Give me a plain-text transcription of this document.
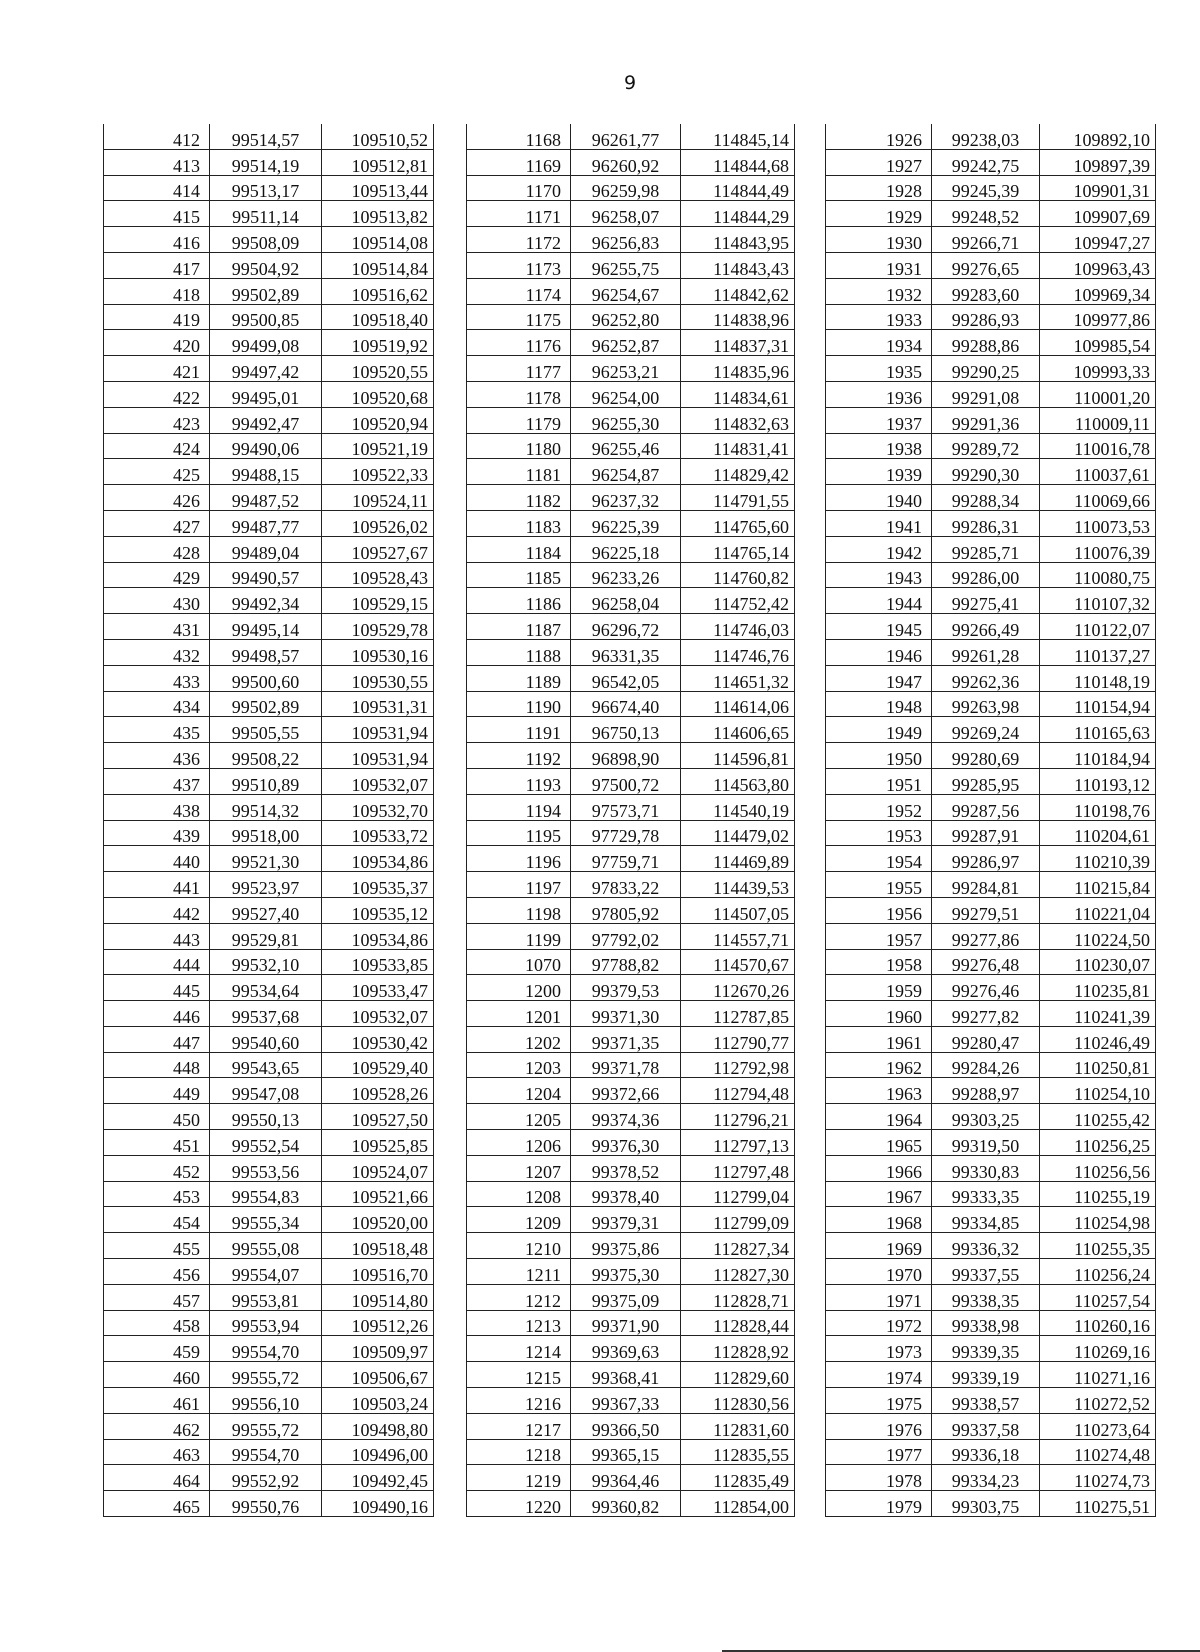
9
412	99514,57	109510,52
413	99514,19	109512,81
414	99513,17	109513,44
415	99511,14	109513,82
416	99508,09	109514,08
417	99504,92	109514,84
418	99502,89	109516,62
419	99500,85	109518,40
420	99499,08	109519,92
421	99497,42	109520,55
422	99495,01	109520,68
423	99492,47	109520,94
424	99490,06	109521,19
425	99488,15	109522,33
426	99487,52	109524,11
427	99487,77	109526,02
428	99489,04	109527,67
429	99490,57	109528,43
430	99492,34	109529,15
431	99495,14	109529,78
432	99498,57	109530,16
433	99500,60	109530,55
434	99502,89	109531,31
435	99505,55	109531,94
436	99508,22	109531,94
437	99510,89	109532,07
438	99514,32	109532,70
439	99518,00	109533,72
440	99521,30	109534,86
441	99523,97	109535,37
442	99527,40	109535,12
443	99529,81	109534,86
444	99532,10	109533,85
445	99534,64	109533,47
446	99537,68	109532,07
447	99540,60	109530,42
448	99543,65	109529,40
449	99547,08	109528,26
450	99550,13	109527,50
451	99552,54	109525,85
452	99553,56	109524,07
453	99554,83	109521,66
454	99555,34	109520,00
455	99555,08	109518,48
456	99554,07	109516,70
457	99553,81	109514,80
458	99553,94	109512,26
459	99554,70	109509,97
460	99555,72	109506,67
461	99556,10	109503,24
462	99555,72	109498,80
463	99554,70	109496,00
464	99552,92	109492,45
465	99550,76	109490,16
1168	96261,77	114845,14
1169	96260,92	114844,68
1170	96259,98	114844,49
1171	96258,07	114844,29
1172	96256,83	114843,95
1173	96255,75	114843,43
1174	96254,67	114842,62
1175	96252,80	114838,96
1176	96252,87	114837,31
1177	96253,21	114835,96
1178	96254,00	114834,61
1179	96255,30	114832,63
1180	96255,46	114831,41
1181	96254,87	114829,42
1182	96237,32	114791,55
1183	96225,39	114765,60
1184	96225,18	114765,14
1185	96233,26	114760,82
1186	96258,04	114752,42
1187	96296,72	114746,03
1188	96331,35	114746,76
1189	96542,05	114651,32
1190	96674,40	114614,06
1191	96750,13	114606,65
1192	96898,90	114596,81
1193	97500,72	114563,80
1194	97573,71	114540,19
1195	97729,78	114479,02
1196	97759,71	114469,89
1197	97833,22	114439,53
1198	97805,92	114507,05
1199	97792,02	114557,71
1070	97788,82	114570,67
1200	99379,53	112670,26
1201	99371,30	112787,85
1202	99371,35	112790,77
1203	99371,78	112792,98
1204	99372,66	112794,48
1205	99374,36	112796,21
1206	99376,30	112797,13
1207	99378,52	112797,48
1208	99378,40	112799,04
1209	99379,31	112799,09
1210	99375,86	112827,34
1211	99375,30	112827,30
1212	99375,09	112828,71
1213	99371,90	112828,44
1214	99369,63	112828,92
1215	99368,41	112829,60
1216	99367,33	112830,56
1217	99366,50	112831,60
1218	99365,15	112835,55
1219	99364,46	112835,49
1220	99360,82	112854,00
1926	99238,03	109892,10
1927	99242,75	109897,39
1928	99245,39	109901,31
1929	99248,52	109907,69
1930	99266,71	109947,27
1931	99276,65	109963,43
1932	99283,60	109969,34
1933	99286,93	109977,86
1934	99288,86	109985,54
1935	99290,25	109993,33
1936	99291,08	110001,20
1937	99291,36	110009,11
1938	99289,72	110016,78
1939	99290,30	110037,61
1940	99288,34	110069,66
1941	99286,31	110073,53
1942	99285,71	110076,39
1943	99286,00	110080,75
1944	99275,41	110107,32
1945	99266,49	110122,07
1946	99261,28	110137,27
1947	99262,36	110148,19
1948	99263,98	110154,94
1949	99269,24	110165,63
1950	99280,69	110184,94
1951	99285,95	110193,12
1952	99287,56	110198,76
1953	99287,91	110204,61
1954	99286,97	110210,39
1955	99284,81	110215,84
1956	99279,51	110221,04
1957	99277,86	110224,50
1958	99276,48	110230,07
1959	99276,46	110235,81
1960	99277,82	110241,39
1961	99280,47	110246,49
1962	99284,26	110250,81
1963	99288,97	110254,10
1964	99303,25	110255,42
1965	99319,50	110256,25
1966	99330,83	110256,56
1967	99333,35	110255,19
1968	99334,85	110254,98
1969	99336,32	110255,35
1970	99337,55	110256,24
1971	99338,35	110257,54
1972	99338,98	110260,16
1973	99339,35	110269,16
1974	99339,19	110271,16
1975	99338,57	110272,52
1976	99337,58	110273,64
1977	99336,18	110274,48
1978	99334,23	110274,73
1979	99303,75	110275,51
